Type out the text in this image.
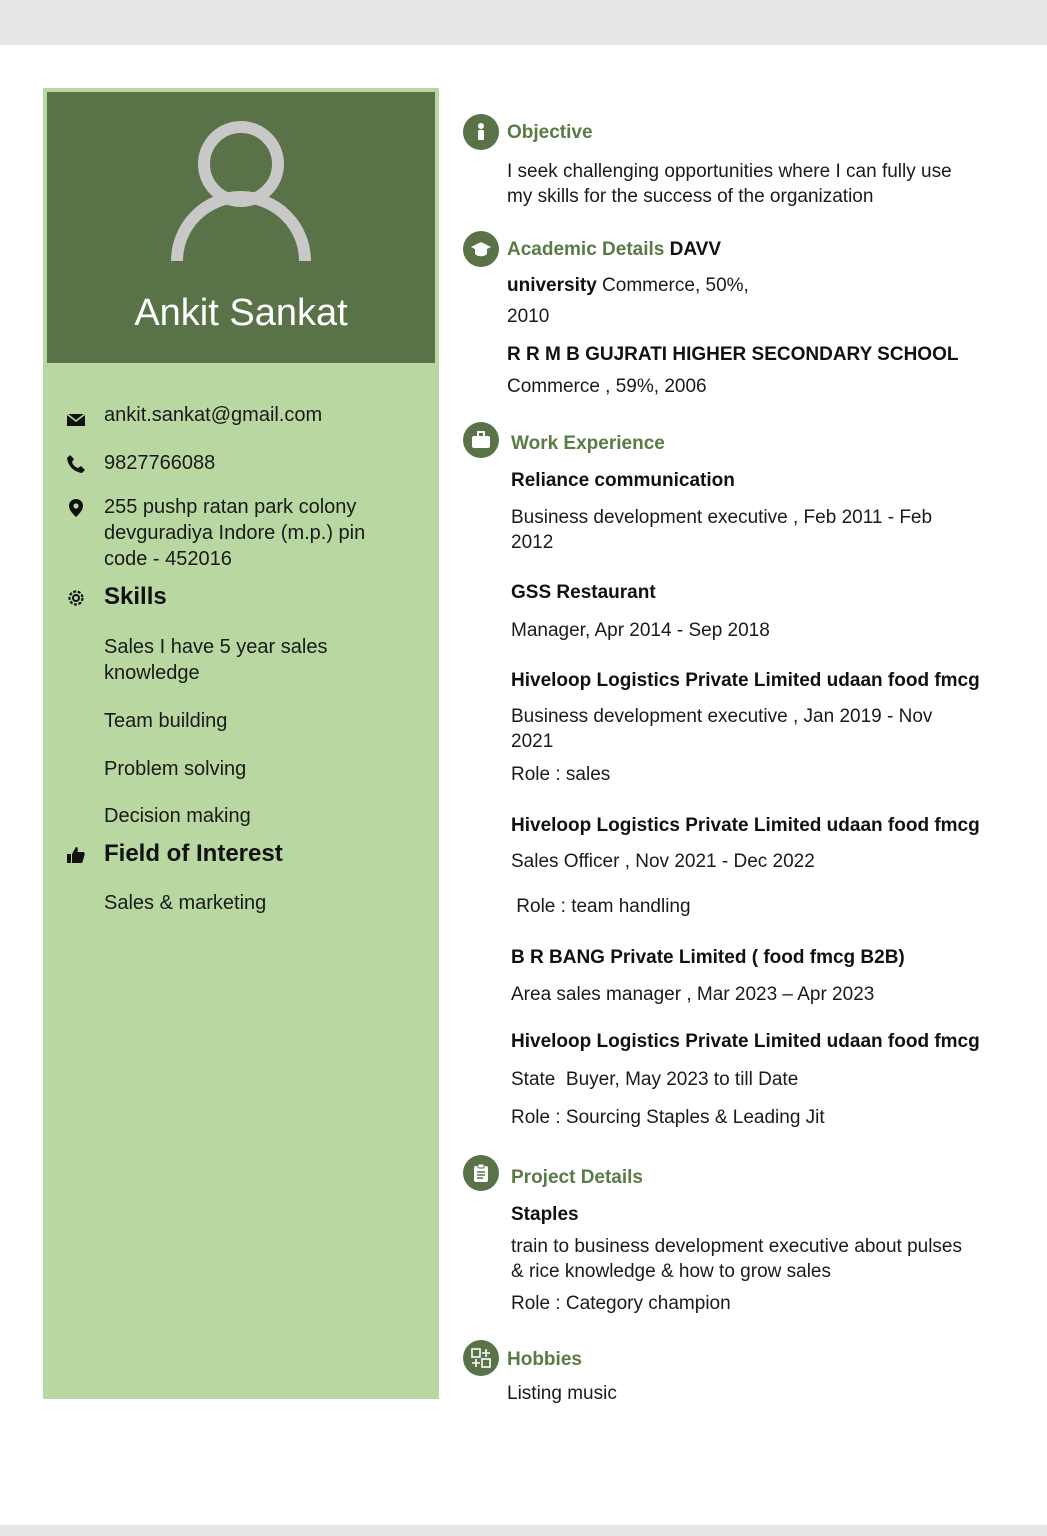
Ankit Sankat
ankit.sankat@gmail.com
9827766088
255 pushp ratan park colony
devguradiya Indore (m.p.) pin
code - 452016
Skills
Sales I have 5 year sales
knowledge
Team building
Problem solving
Decision making
Field of Interest
Sales & marketing
Objective
I seek challenging opportunities where I can fully use
my skills for the success of the organization
Academic Details DAVV
university Commerce, 50%,
2010
R R M B GUJRATI HIGHER SECONDARY SCHOOL
Commerce , 59%, 2006
Work Experience
Reliance communication
Business development executive , Feb 2011 - Feb
2012
GSS Restaurant
Manager, Apr 2014 - Sep 2018
Hiveloop Logistics Private Limited udaan food fmcg
Business development executive , Jan 2019 - Nov
2021
Role : sales
Hiveloop Logistics Private Limited udaan food fmcg
Sales Officer , Nov 2021 - Dec 2022
Role : team handling
B R BANG Private Limited ( food fmcg B2B)
Area sales manager , Mar 2023 – Apr 2023
Hiveloop Logistics Private Limited udaan food fmcg
State  Buyer, May 2023 to till Date
Role : Sourcing Staples & Leading Jit
Project Details
Staples
train to business development executive about pulses
& rice knowledge & how to grow sales
Role : Category champion
Hobbies
Listing music
